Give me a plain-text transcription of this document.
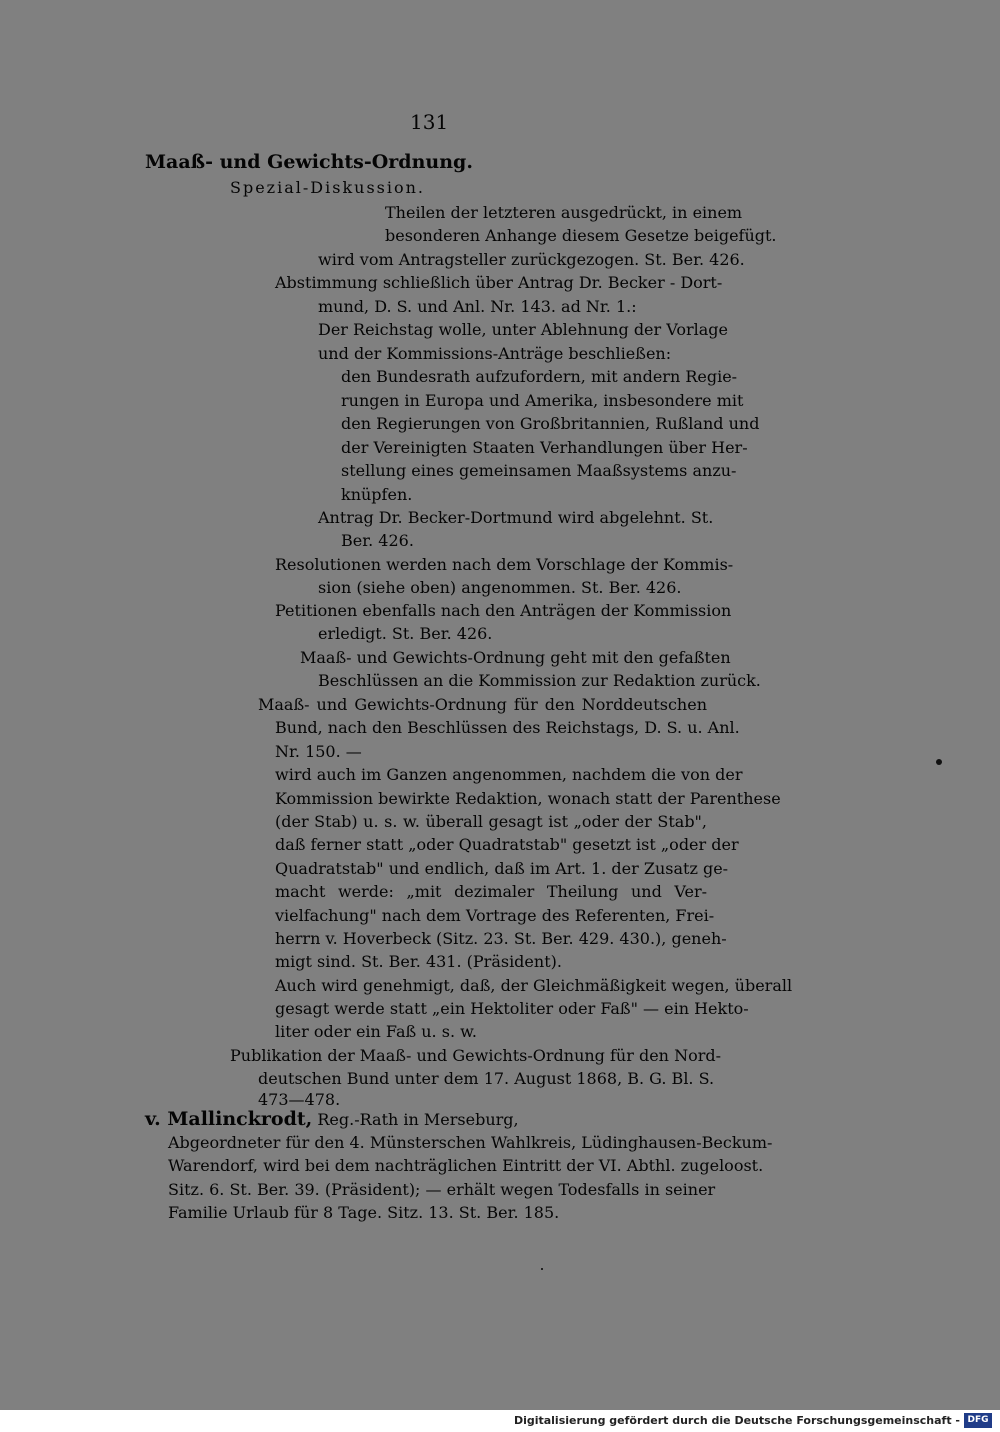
131
Maaß- und Gewichts-Ordnung.
Spezial-Diskussion.
Theilen der letzteren ausgedrückt, in einem
besonderen Anhange diesem Gesetze beigefügt.
wird vom Antragsteller zurückgezogen. St. Ber. 426.
Abstimmung schließlich über Antrag Dr. Becker - Dort-
mund, D. S. und Anl. Nr. 143. ad Nr. 1.:
Der Reichstag wolle, unter Ablehnung der Vorlage
und der Kommissions-Anträge beschließen:
den Bundesrath aufzufordern, mit andern Regie-
rungen in Europa und Amerika, insbesondere mit
den Regierungen von Großbritannien, Rußland und
der Vereinigten Staaten Verhandlungen über Her-
stellung eines gemeinsamen Maaßsystems anzu-
knüpfen.
Antrag Dr. Becker-Dortmund wird abgelehnt. St.
Ber. 426.
Resolutionen werden nach dem Vorschlage der Kommis-
sion (siehe oben) angenommen. St. Ber. 426.
Petitionen ebenfalls nach den Anträgen der Kommission
erledigt. St. Ber. 426.
Maaß- und Gewichts-Ordnung geht mit den gefaßten
Beschlüssen an die Kommission zur Redaktion zurück.
Maaß- und Gewichts-Ordnung für den Norddeutschen
Bund, nach den Beschlüssen des Reichstags, D. S. u. Anl.
Nr. 150. —
wird auch im Ganzen angenommen, nachdem die von der
Kommission bewirkte Redaktion, wonach statt der Parenthese
(der Stab) u. s. w. überall gesagt ist „oder der Stab",
daß ferner statt „oder Quadratstab" gesetzt ist „oder der
Quadratstab" und endlich, daß im Art. 1. der Zusatz ge-
macht werde: „mit dezimaler Theilung und Ver-
vielfachung" nach dem Vortrage des Referenten, Frei-
herrn v. Hoverbeck (Sitz. 23. St. Ber. 429. 430.), geneh-
migt sind. St. Ber. 431. (Präsident).
Auch wird genehmigt, daß, der Gleichmäßigkeit wegen, überall
gesagt werde statt „ein Hektoliter oder Faß" — ein Hekto-
liter oder ein Faß u. s. w.
Publikation der Maaß- und Gewichts-Ordnung für den Nord-
deutschen Bund unter dem 17. August 1868, B. G. Bl. S.
473—478.
v. Mallinckrodt, Reg.-Rath in Merseburg,
Abgeordneter für den 4. Münsterschen Wahlkreis, Lüdinghausen-Beckum-
Warendorf, wird bei dem nachträglichen Eintritt der VI. Abthl. zugeloost.
Sitz. 6. St. Ber. 39. (Präsident); — erhält wegen Todesfalls in seiner
Familie Urlaub für 8 Tage. Sitz. 13. St. Ber. 185.
Digitalisierung gefördert durch die Deutsche Forschungsgemeinschaft - DFG
